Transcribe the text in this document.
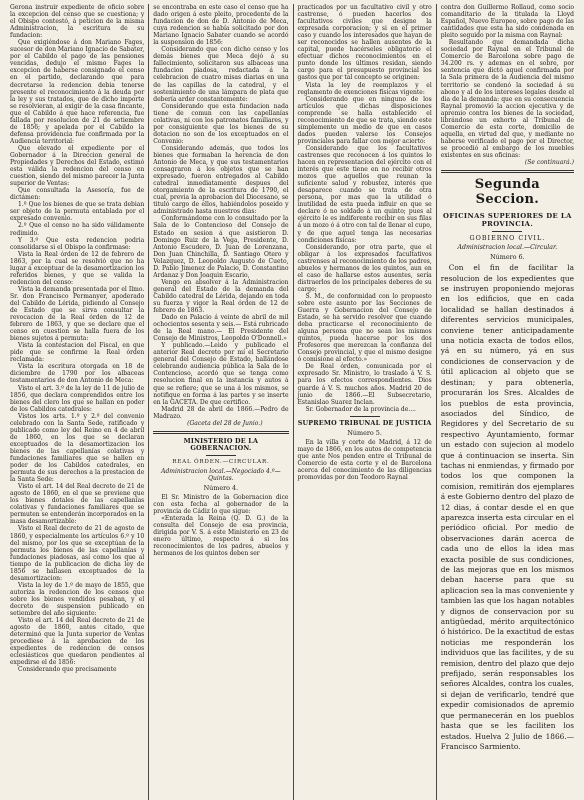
Gerona instruir expediente de oficio sobre la excepcion del censo que se cuestiona; y el Obispo contestó, á peticion de la misma Administracion, la escritura de su fundacion:

Que exigiéndose á don Mariano Fages, sucesor de don Mariano Ignacio de Sabater, por el Cabildo el pago de las pensiones vencidas, dedujo el mismo Fages la excepcion de haberse consignado el censo en el partido, declarando que para decretarse la redencion debia tenerse presente el reconocimiento á la deuda por la ley y sus tratados, que de dicho importe se resolvieran, al exigir de la casa fincante, que el Cabildo á que hace referencia, fue fallada por resolucion de 21 de setiembre de 1856; y apelada por el Cabildo la defensa providencia fue confirmada por la Audiencia territorial:

Que elevado el expediente por el Gobernador á la Direccion general de Propiedades y Derechos del Estado, estimó esta válida la redencion del censo en cuestion, siendo del mismo parecer la Junta superior de Ventas:

Que consultada la Asesoría, fue de dictámen:

1.º Que los bienes de que se trata debian ser objeto de la permuta entablada por el expresado convenio.

2.º Que el censo no ha sido válidamente redimido.

Y 3.º Que esta redencion podria consolidarse si el Obispo la confirmase:

Vista la Real órden de 12 de febrero de 1863, por la cual se resolvió que no ha lugar á exceptuar de la desamortizacion los referidos bienes, y que se valida la redencion del censo:

Vista la demanda presentada por el Ilmo. Sr. don Francisco Permanyer, apoderado del Cabildo de Lérida, pidiendo al Consejo de Estado que se sirva consultar la revocacion de la Real órden de 12 de febrero de 1863, y que se declare que el censo en cuestion se halla fuera de los bienes sujetos á permuta:

Vista la contestacion del Fiscal, en que pide que se confirme la Real órden reclamada:

Vista la escritura otorgada en 18 de diciembre de 1790 por los albaceas testamentarios de don Antonio de Meca:

Visto el art. 3.º de la ley de 11 de julio de 1856, que declara comprendidos entre los bienes del clero los que se hallan en poder de los Cabildos catedrales:

Vistos los arts. 1.º y 2.º del convenio celebrado con la Santa Sede, ratificado y publicado como ley del Reino en 4 de abril de 1860, en los que se declaran exceptuados de la desamortizacion los bienes de las capellanías colativas y fundaciones familiares que se hallen en poder de los Cabildos catedrales, en permuta de sus derechos a la prestacion de la Santa Sede:

Visto el art. 14 del Real decreto de 21 de agosto de 1860, en el que se previene que los bienes dotales de las capellanías colativas y fundaciones familiares que se permuten se entenderán incorporados en la masa desamortizable:

Visto el Real decreto de 21 de agosto de 1860, y especialmente los artículos 6.º y 10 del mismo, por los que se exceptúan de la permuta los bienes de las capellanías y fundaciones piadosas, así como los que al tiempo de la publicacion de dicha ley de 1856 se hallasen exceptuados de la desamortizacion:

Vista la ley de 1.º de mayo de 1855, que autoriza la redencion de los censos que sobre los bienes vendidos pesaban, y el decreto de suspension publicado en setiembre del año siguiente:

Visto el art. 14 del Real decreto de 21 de agosto de 1860, antes citado, que determinó que la Junta superior de Ventas procediese á la aprobacion de los expedientes de redencion de censos eclesiásticos que quedaron pendientes al expedirse el de 1856:

Considerando que precisamente

se encontraba en este caso el censo que ha dado origen á este pleito, procedente de la fundacion de don de D. Antonio de Meca, cuya redencion se había solicitado por don Mariano Ignacio Sabater cuando se acordó la suspension de 1856:

Considerando que con dicho censo y los demás bienes que Meca dejó á su fallecimiento, solicitaron sus albaceas una fundacion piadosa, redactada á la celebracion de cuatro misas diarias en una de las capillas de la catedral, y el sostenimiento de una lámpara de plata que debería arder constantemente:

Considerando que esta fundacion nada tiene de comun con las capellanías colativas, ni con los patronatos familiares, y por consiguiente que los bienes de su dotacion no son de los exceptuados en el Convenio:

Considerando además, que todos los bienes que formaban la herencia de don Antonio de Meca, y que sus testamentarios consagraron á los objetos que se han expresado, fueron entregados al Cabildo catedral inmediatamente despues del otorgamiento de la escritura de 1790, el cual, previa la aprobacion del Diocesano, se tituló cargo de ellos, habiéndolos poseido y administrado hasta nuestros dias:

Conformándome con lo consultado por la Sala de lo Contencioso del Consejo de Estado en sesion á que asistieron D. Domingo Ruiz de la Vega, Presidente, D. Antonio Escudero, D. Juan de Lorenzana, Don Juan Chinchilla, D. Santiago Otero y Velazquez, D. Leopoldo Augusto de Cueto, D. Pablo Jimenez de Palacio, D. Constantino Ardanaz y Don Joaquin Escario,

Vengo en absolver á la Administracion general del Estado de la demanda del Cabildo catedral de Lérida, dejando en toda su fuerza y vigor la Real órden de 12 de febrero de 1863.

Dado en Palacio á veinte de abril de mil ochocientos sesenta y seis.— Está rubricado de la Real mano.— El Presidente del Consejo de Ministros, Leopoldo O'Donnell.»

Y publicado.—Leido y publicado el anterior Real decreto por mí el Secretario general del Consejo de Estado, hallándose celebrando audiencia pública la Sala de lo Contencioso, acordó que se tenga como resolucion final en la instancia y autos á que se refiere; que se una á los mismos, se notifique en forma á las partes y se inserte en la GACETA. De que certifico.

Madrid 28 de abril de 1866.—Pedro de Madrazo.

(Gaceta del 28 de Junio.)

MINISTERIO DE LA GOBERNACION.
REAL ÓRDEN.—CIRCULAR.
Administracion local.—Negociado 4.º—Quintas.
Número 4.

El Sr. Ministro de la Gobernacion dice con esta fecha al gobernador de la provincia de Cádiz lo que sigue:

«Enterada la Reina (Q. D. G.) de la consulta del Consejo de esa provincia, dirigida por V. S. á este Ministerio en 23 de enero último, respecto á si los reconocimientos de los padres, abuelos y hermanos de los quintos deben ser

practicados por un facultativo civil y otro castrense, ó pueden hacerlos dos facultativos civiles que designe la expresada corporacion; y si en el primer caso y cuando los interesados que hayan de ser reconocidos se hallen ausentes de la capital, puede hacérseles obligatorio el efectuar dichos reconocimientos en el punto donde los últimos residan, siendo cargo para el presupuesto provincial los gastos que por tal concepto se originen:

Vista la ley de reemplazos y el reglamento de exenciones físicas vigente:

Considerando que en ninguno de los artículos que dichas disposiciones comprende se halla establecido el reconocimiento de que se trata, siendo este simplemente un medio de que en casos dados pueden valerse los Consejos provinciales para fallar con mejor acierto:

Considerando que los facultativos castrenses que reconocen á los quintos lo hacen en representacion del ejército con el interés que este tiene en no recibir otros mozos que aquellos que reunan la suficiente salud y robustez, interés que desaparece cuando se trata de otra persona, por mas que la utilidad ó inutilidad de esta pueda influir en que se declare ó no soldado á un quinto; pues al ejército le es indiferente recibir en sus filas á un mozo ó á otro con tal de llenar el cupo, y de que aquel tenga las necesarias condiciones físicas:

Considerando, por otra parte, que el obligar á los expresados facultativos castrenses al reconocimiento de los padres, abuelos y hermanos de los quintos, aun en el caso de hallarse estos ausentes, sería distraerlos de los principales deberes de su cargo;

S. M., de conformidad con lo propuesto sobre este asunto por las Secciones de Guerra y Gobernacion del Consejo de Estado, se ha servido resolver que cuando deba practicarse el reconocimiento de alguna persona que no sean los mismos quintos, pueda hacerse por los dos Profesores que merezcan la confianza del Consejo provincial, y que el mismo designe ó comisione al efecto.»

De Real órden, comunicada por el expresado Sr. Ministro, lo traslado á V. S. para los efectos correspondientes. Dios guarde á V. S. muchos años. Madrid 20 de junio de 1866.—El Subsecretario, Estanislao Suarez Inclan.

Sr. Gobernador de la provincia de....

SUPREMO TRIBUNAL DE JUSTICIA
Número 5.

En la villa y corte de Madrid, á 12 de mayo de 1866, en los autos de competencia que ante Nos penden entre el Tribunal de Comercio de esta corte y el de Barcelona acerca del conocimiento de las diligencias promovidas por don Teodoro Raynal

contra don Guillermo Rollaud, como socio comanditario de la titulada la Lloyd Español, Nuevo Europeo, sobre pago de las cantidades que esta ha sido condenada en pleito seguido por la misma con Raynal:

Resultando que demandada dicha sociedad por Raynal en el Tribunal de Comercio de Barcelona sobre pago de 34.200 rs. y ademas en el sobre, por sentencia que dictó aquel confirmada por la Sala primera de la Audiencia del mismo territorio se condenó la sociedad á su abono y al de los intereses legales desde el dia de la demanda: que en su consecuencia Raynal promovió la accion ejecutiva y de apremio contra los bienes de la sociedad, librándose un exhorto al Tribunal de Comercio de esta corte, domicilio de aquella, en virtud del que, y mediante no haberse verificado el pago por el Director, se procedió al embargo de los muebles existentes en sus oficinas:

(Se continuará.)

Segunda Seccion.
OFICINAS SUPERIORES DE LA PROVINCIA.
GOBIERNO CIVIL.
Administracion local.—Circular.
Número 6.

Con el fin de facilitar la resolucion de los expedientes que se instruyen proponiendo mejoras en los edificios, que en cada localidad se hallan destinados á diferentes servicios municipales, conviene tener anticipadamente una noticia exacta de todos ellos, yá en su número, yá en sus condiciones de conservacion y de útil aplicacion al objeto que se destinan; y para obtenerla, procurarán los Sres. Alcaldes de los pueblos de esta provincia, asociados del Síndico, de Regidores y del Secretario de su respectivo Ayuntamiento, formar un estado con sujecion al modelo que á continuacion se inserta. Sin tachas ni enmiendas, y firmado por todos los que componen la comision, remitirán dos ejemplares á este Gobierno dentro del plazo de 12 dias, á contar desde el en que aparezca inserta esta circular en el periódico oficial. Por medio de observaciones darán acerca de cada uno de ellos la idea mas exacta posible de sus condiciones, de las mejoras que en los mismos deban hacerse para que su aplicacion sea la mas conveniente y tambien las que los hagan notables y dignos de conservacion por su antigüedad, mérito arquitectónico ó histórico. De la exactitud de estas noticias me responderán los individuos que las facilites, y de su remision, dentro del plazo que dejo prefijado, serán responsables los señores Alcaldes, contra los cuales, si dejan de verificarlo, tendré que expedir comisionados de apremio que permanecerán en los pueblos hasta que se les faciliten los estados. Huelva 2 Julio de 1866.— Francisco Sarmiento.
